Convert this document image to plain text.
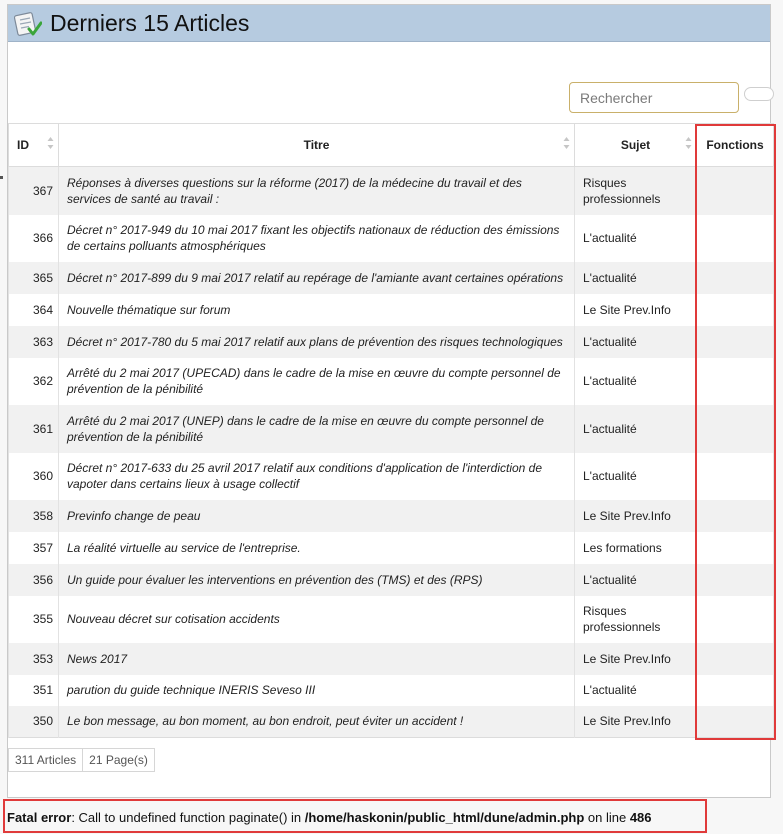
Derniers 15 Articles
Rechercher
ID	Titre	Sujet	Fonctions
367	Réponses à diverses questions sur la réforme (2017) de la médecine du travail et des services de santé au travail :	Risques professionnels	
366	Décret n° 2017-949 du 10 mai 2017 fixant les objectifs nationaux de réduction des émissions de certains polluants atmosphériques	L'actualité	
365	Décret n° 2017-899 du 9 mai 2017 relatif au repérage de l'amiante avant certaines opérations	L'actualité	
364	Nouvelle thématique sur forum	Le Site Prev.Info	
363	Décret n° 2017-780 du 5 mai 2017 relatif aux plans de prévention des risques technologiques	L'actualité	
362	Arrêté du 2 mai 2017 (UPECAD) dans le cadre de la mise en œuvre du compte personnel de prévention de la pénibilité	L'actualité	
361	Arrêté du 2 mai 2017 (UNEP) dans le cadre de la mise en œuvre du compte personnel de prévention de la pénibilité	L'actualité	
360	Décret n° 2017-633 du 25 avril 2017 relatif aux conditions d'application de l'interdiction de vapoter dans certains lieux à usage collectif	L'actualité	
358	Previnfo change de peau	Le Site Prev.Info	
357	La réalité virtuelle au service de l'entreprise.	Les formations	
356	Un guide pour évaluer les interventions en prévention des (TMS) et des (RPS)	L'actualité	
355	Nouveau décret sur cotisation accidents	Risques professionnels	
353	News 2017	Le Site Prev.Info	
351	parution du guide technique INERIS Seveso III	L'actualité	
350	Le bon message, au bon moment, au bon endroit, peut éviter un accident !	Le Site Prev.Info	
311 Articles	21 Page(s)
Fatal error: Call to undefined function paginate() in /home/haskonin/public_html/dune/admin.php on line 486
